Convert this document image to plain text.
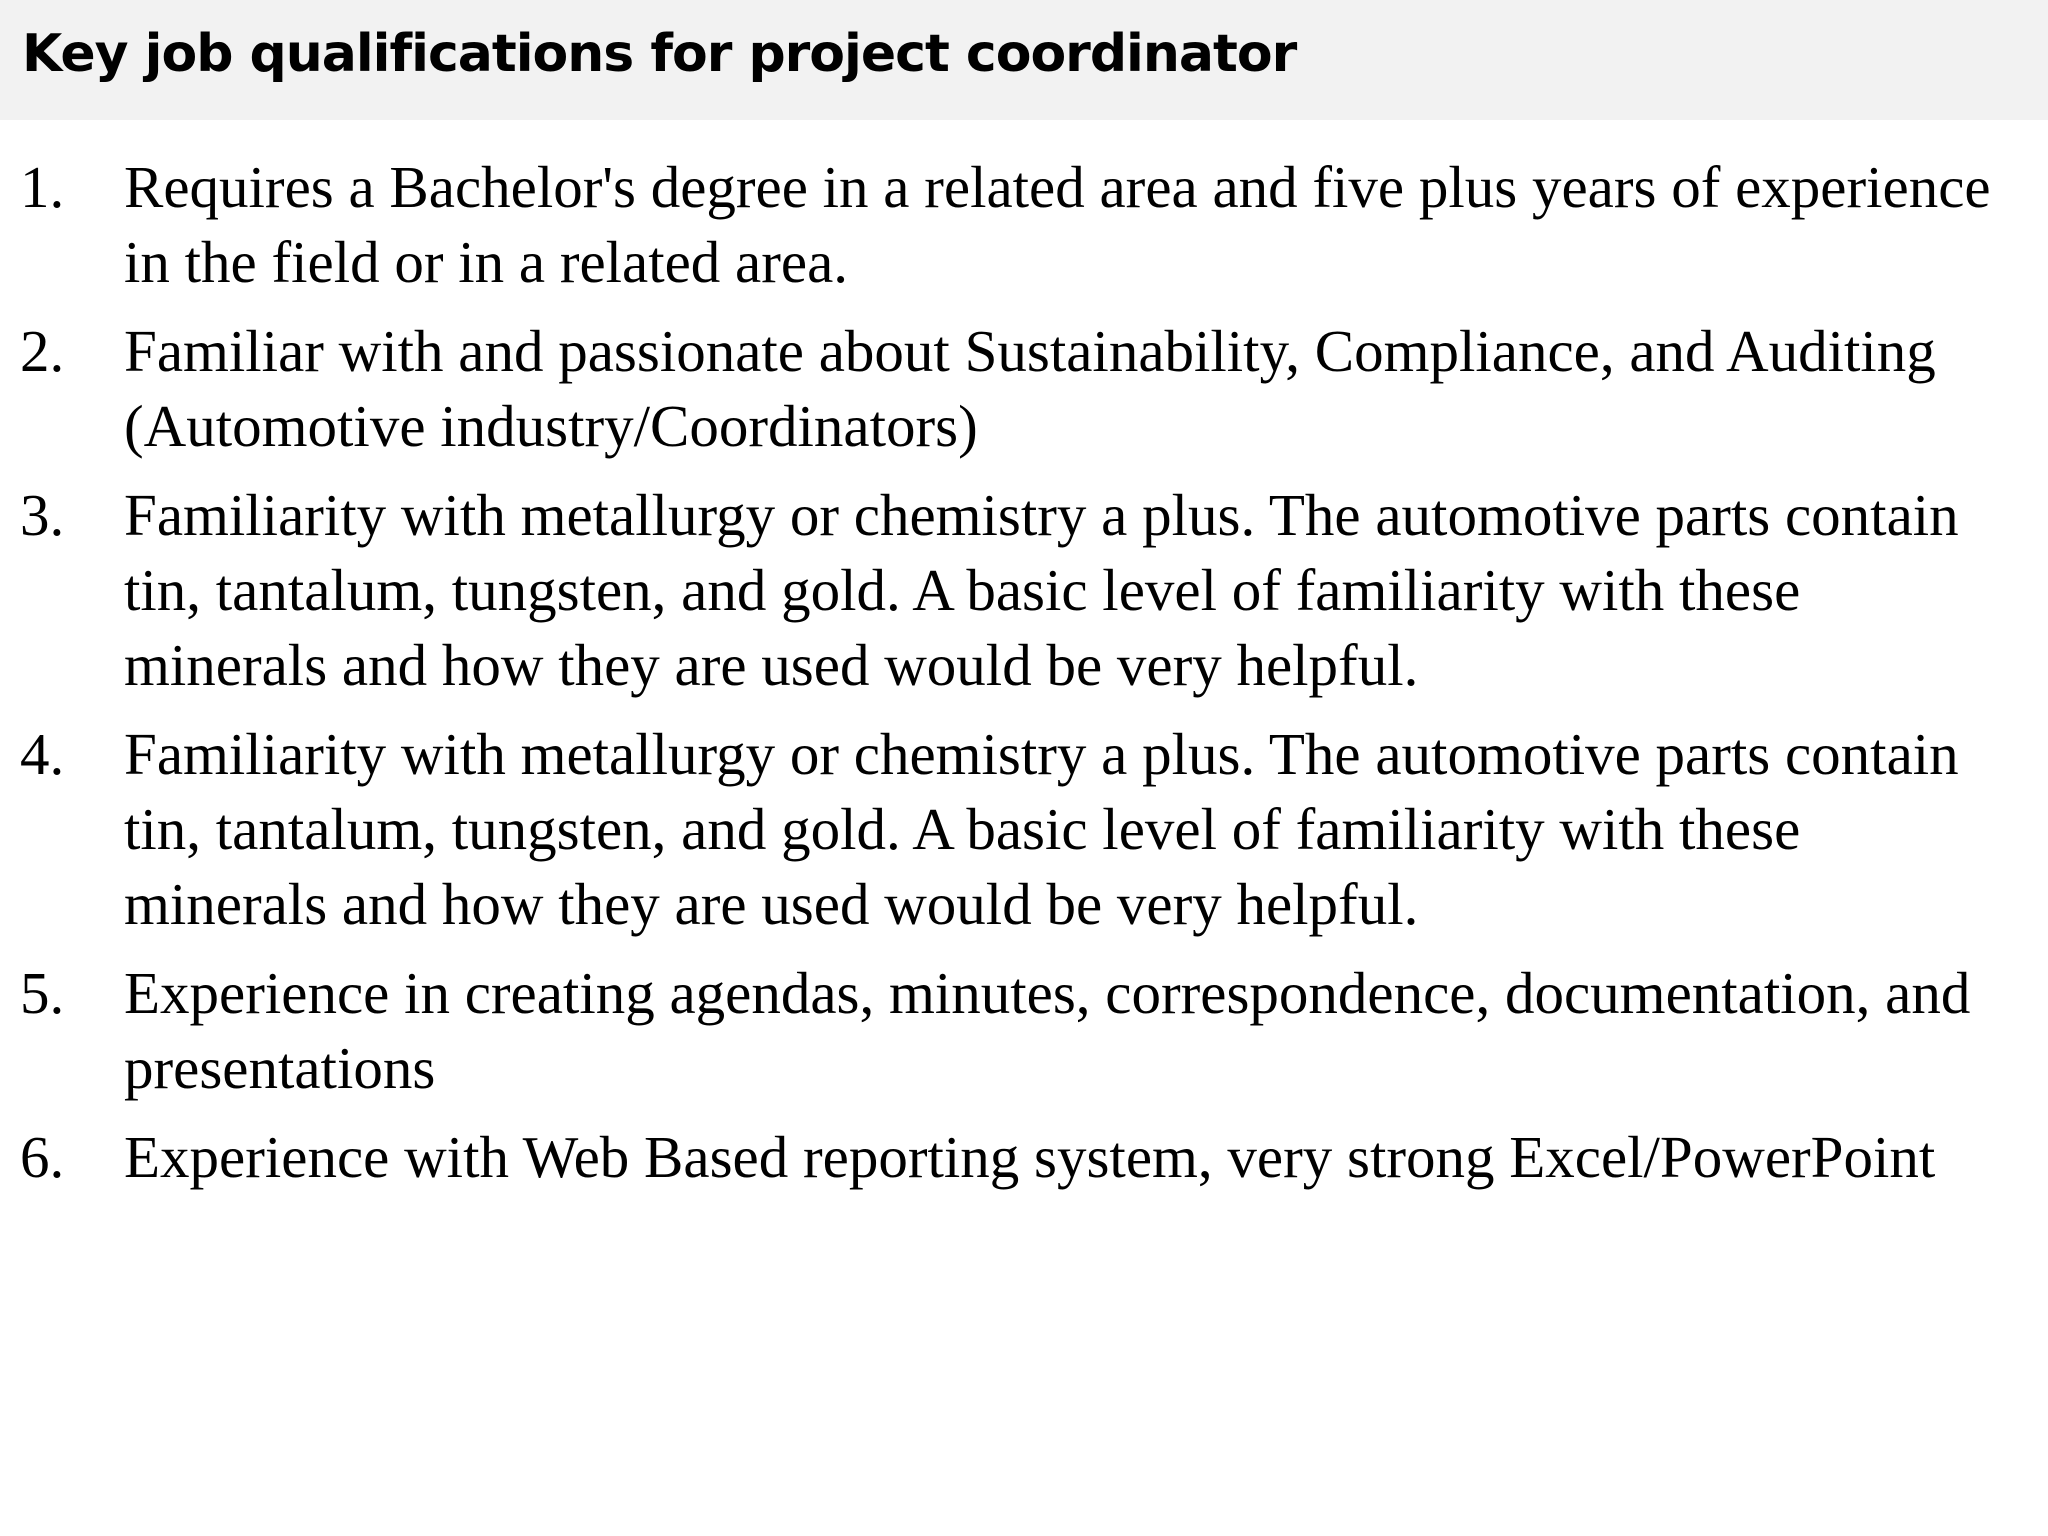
Key job qualifications for project coordinator
1. Requires a Bachelor's degree in a related area and five plus years of experience in the field or in a related area.
2. Familiar with and passionate about Sustainability, Compliance, and Auditing (Automotive industry/Coordinators)
3. Familiarity with metallurgy or chemistry a plus. The automotive parts contain tin, tantalum, tungsten, and gold. A basic level of familiarity with these minerals and how they are used would be very helpful.
4. Familiarity with metallurgy or chemistry a plus. The automotive parts contain tin, tantalum, tungsten, and gold. A basic level of familiarity with these minerals and how they are used would be very helpful.
5. Experience in creating agendas, minutes, correspondence, documentation, and presentations
6. Experience with Web Based reporting system, very strong Excel/PowerPoint
